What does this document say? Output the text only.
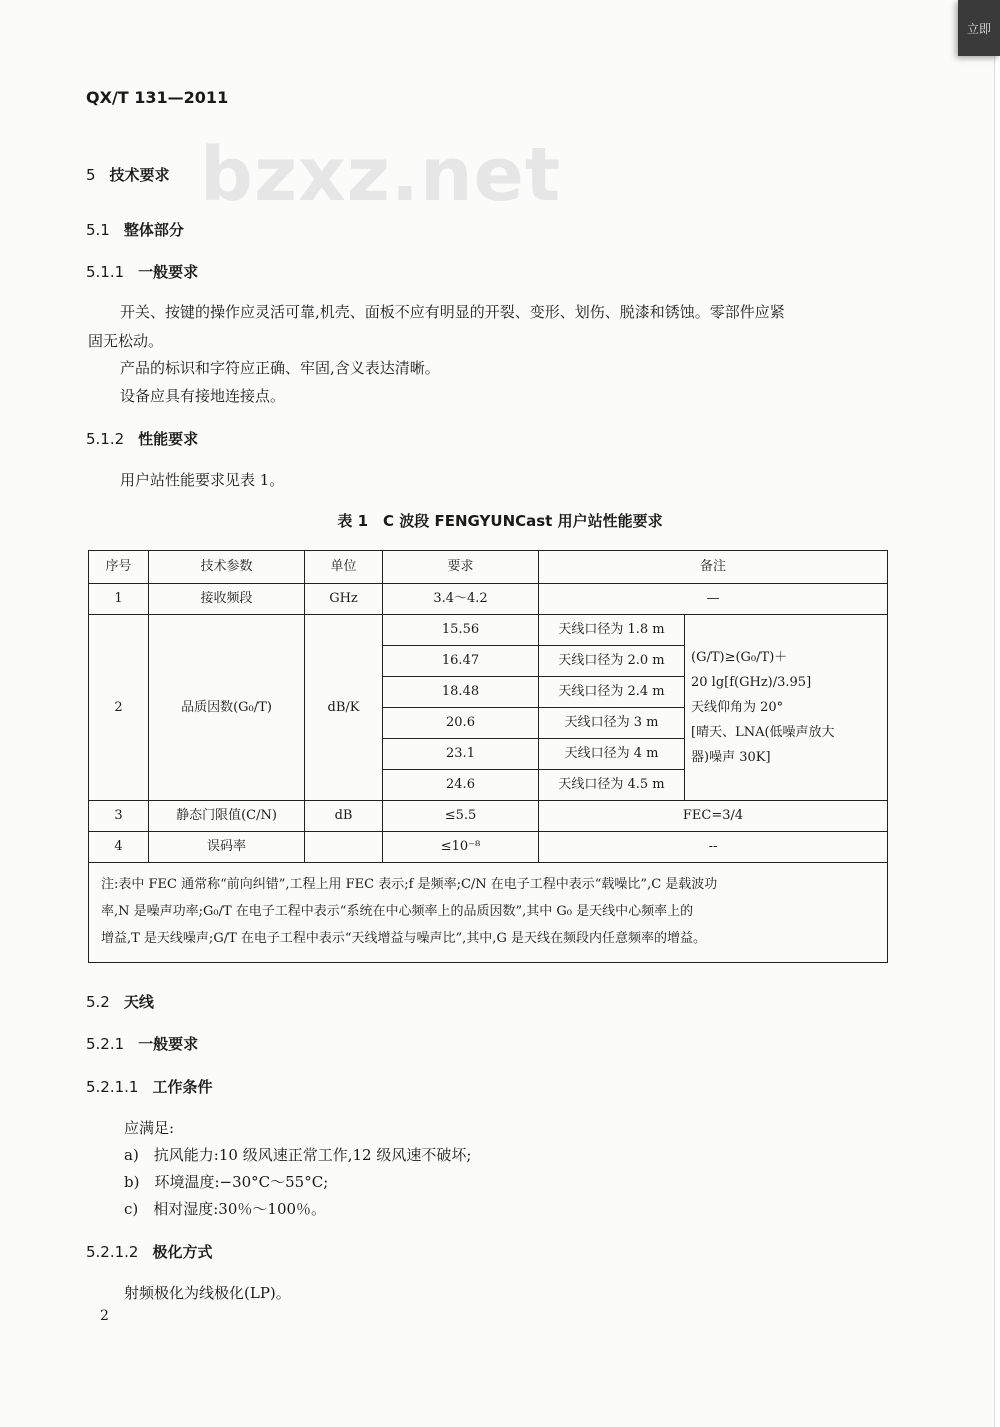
QX/T 131—2011
bzxz.net
5 技术要求
5.1 整体部分
5.1.1 一般要求
开关、按键的操作应灵活可靠,机壳、面板不应有明显的开裂、变形、划伤、脱漆和锈蚀。零部件应紧
固无松动。
产品的标识和字符应正确、牢固,含义表达清晰。
设备应具有接地连接点。
5.1.2 性能要求
用户站性能要求见表 1。
表 1　C 波段 FENGYUNCast 用户站性能要求
序号	技术参数	单位	要求	备注	
1	接收频段	GHz	3.4～4.2	—	
2	品质因数(G₀/T)	dB/K	15.56	天线口径为 1.8 m	(G/T)≥(G₀/T)＋
20 lg[f(GHz)/3.95]
天线仰角为 20°
[晴天、LNA(低噪声放大
器)噪声 30K]

			16.47	天线口径为 2.0 m	
			18.48	天线口径为 2.4 m	
			20.6	天线口径为 3 m	
			23.1	天线口径为 4 m	
			24.6	天线口径为 4.5 m	
3	静态门限值(C/N)	dB	≤5.5	FEC=3/4	
4	误码率		≤10⁻⁸	--	

注:表中 FEC 通常称“前向纠错”,工程上用 FEC 表示;f 是频率;C/N 在电子工程中表示“载噪比”,C 是载波功
率,N 是噪声功率;G₀/T 在电子工程中表示“系统在中心频率上的品质因数”,其中 G₀ 是天线中心频率上的
增益,T 是天线噪声;G/T 在电子工程中表示“天线增益与噪声比”,其中,G 是天线在频段内任意频率的增益。					
5.2 天线
5.2.1 一般要求
5.2.1.1 工作条件
应满足:
a)　抗风能力:10 级风速正常工作,12 级风速不破坏;
b)　环境温度:−30°C～55°C;
c)　相对湿度:30％～100％。
5.2.1.2 极化方式
射频极化为线极化(LP)。
2
立即
